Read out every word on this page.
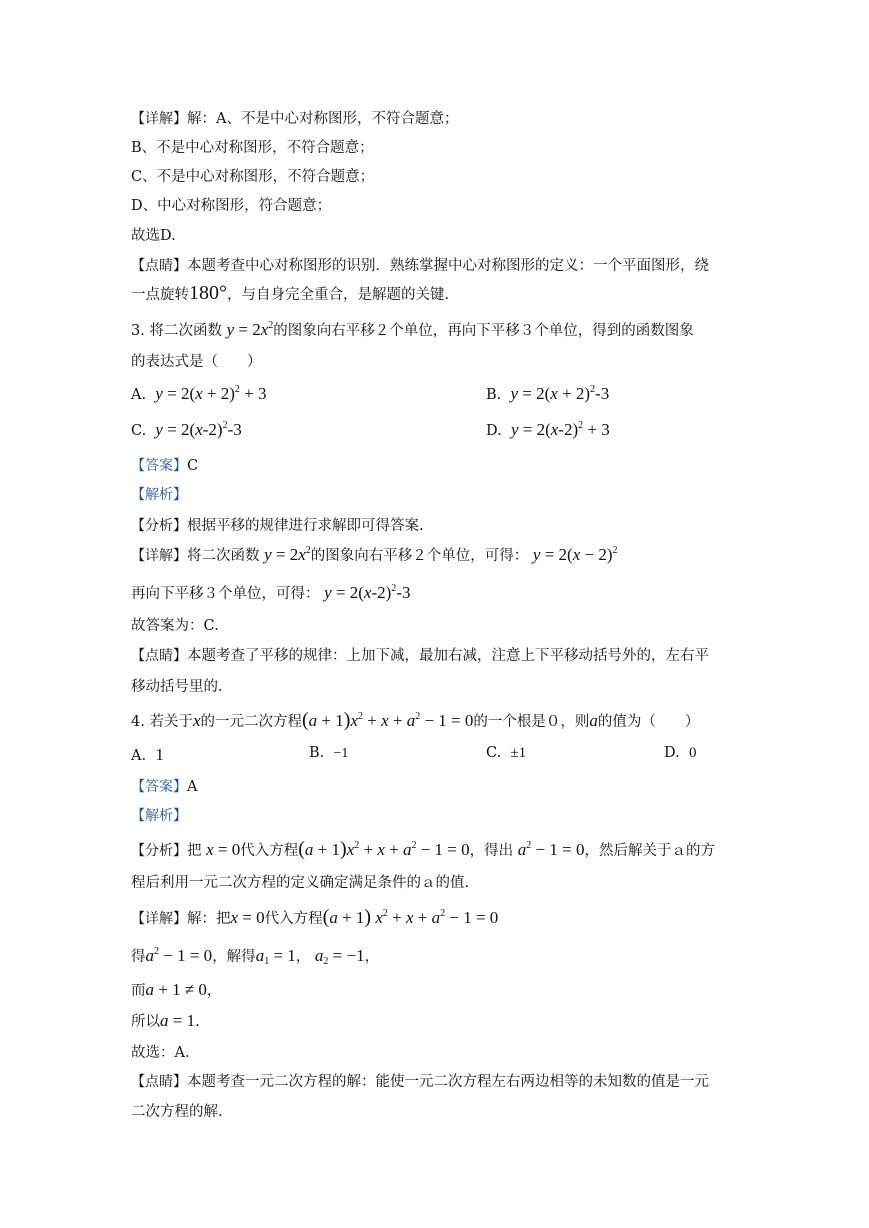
【详解】解：A、不是中心对称图形，不符合题意；
B、不是中心对称图形，不符合题意；
C、不是中心对称图形，不符合题意；
D、中心对称图形，符合题意；
故选D.
【点睛】本题考查中心对称图形的识别．熟练掌握中心对称图形的定义：一个平面图形，绕
一点旋转180°，与自身完全重合，是解题的关键.
3. 将二次函数 $y = 2x^2$的图象向右平移２个单位，再向下平移３个单位，得到的函数图象
的表达式是（　　）
A. $y = 2(x + 2)^2 + 3$	B. $y = 2(x + 2)^2-3$
C. $y = 2(x-2)^2-3$	D. $y = 2(x-2)^2 + 3$
【答案】C
【解析】
【分析】根据平移的规律进行求解即可得答案.
【详解】将二次函数 $y = 2x^2$的图象向右平移２个单位，可得： $y = 2(x - 2)^2$
再向下平移３个单位，可得： $y = 2(x-2)^2-3$
故答案为：C.
【点睛】本题考查了平移的规律：上加下减，最加右减，注意上下平移动括号外的，左右平
移动括号里的.
4. 若关于x的一元二次方程$(a + 1)x^2 + x + a^2 - 1 = 0$的一个根是０，则a的值为（　　）
A. 1	B. −1	C. ±1	D. 0
【答案】A
【解析】
【分析】把 x = 0代入方程$(a + 1)x^2 + x + a^2 - 1 = 0$，得出 $a^2 - 1 = 0$，然后解关于ａ的方
程后利用一元二次方程的定义确定满足条件的ａ的值.
【详解】解：把x = 0代入方程(a + 1) $x^2 + x + a^2 - 1 = 0$
得$a^2 - 1 = 0$，解得$a_1 = 1$， $a_2 = -1$，
而a + 1 ≠ 0，
所以a = 1.
故选：A.
【点睛】本题考查一元二次方程的解：能使一元二次方程左右两边相等的未知数的值是一元
二次方程的解.
